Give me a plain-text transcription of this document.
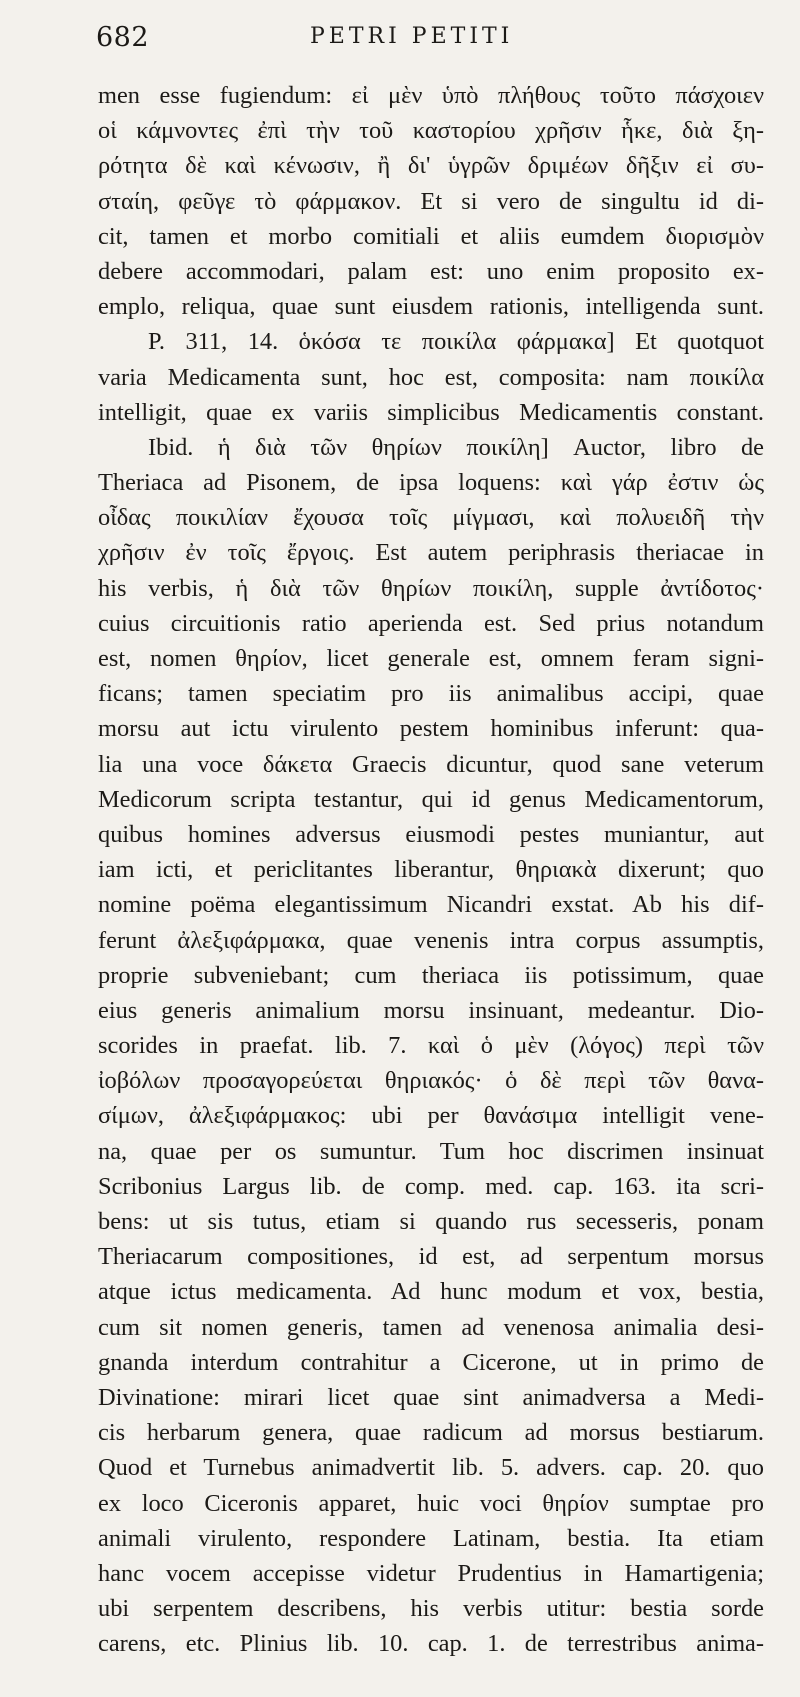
682	PETRI PETITI
men esse fugiendum: εἰ μὲν ὑπὸ πλήθους τοῦτο πάσχοιεν
οἱ κάμνοντες ἐπὶ τὴν τοῦ καστορίου χρῆσιν ἧκε, διὰ ξη-
ρότητα δὲ καὶ κένωσιν, ἢ δι' ὑγρῶν δριμέων δῆξιν εἰ συ-
σταίη, φεῦγε τὸ φάρμακον. Et si vero de singultu id di-
cit, tamen et morbo comitiali et aliis eumdem διορισμὸν
debere accommodari, palam est: uno enim proposito ex-
emplo, reliqua, quae sunt eiusdem rationis, intelligenda sunt.
P. 311, 14. ὁκόσα τε ποικίλα φάρμακα] Et quotquot
varia Medicamenta sunt, hoc est, composita: nam ποικίλα
intelligit, quae ex variis simplicibus Medicamentis constant.
Ibid. ἡ διὰ τῶν θηρίων ποικίλη] Auctor, libro de
Theriaca ad Pisonem, de ipsa loquens: καὶ γάρ ἐστιν ὡς
οἶδας ποικιλίαν ἔχουσα τοῖς μίγμασι, καὶ πολυειδῆ τὴν
χρῆσιν ἐν τοῖς ἔργοις. Est autem periphrasis theriacae in
his verbis, ἡ διὰ τῶν θηρίων ποικίλη, supple ἀντίδοτος·
cuius circuitionis ratio aperienda est. Sed prius notandum
est, nomen θηρίον, licet generale est, omnem feram signi-
ficans; tamen speciatim pro iis animalibus accipi, quae
morsu aut ictu virulento pestem hominibus inferunt: qua-
lia una voce δάκετα Graecis dicuntur, quod sane veterum
Medicorum scripta testantur, qui id genus Medicamentorum,
quibus homines adversus eiusmodi pestes muniantur, aut
iam icti, et periclitantes liberantur, θηριακὰ dixerunt; quo
nomine poëma elegantissimum Nicandri exstat. Ab his dif-
ferunt ἀλεξιφάρμακα, quae venenis intra corpus assumptis,
proprie subveniebant; cum theriaca iis potissimum, quae
eius generis animalium morsu insinuant, medeantur. Dio-
scorides in praefat. lib. 7. καὶ ὁ μὲν (λόγος) περὶ τῶν
ἰοβόλων προσαγορεύεται θηριακός· ὁ δὲ περὶ τῶν θανα-
σίμων, ἀλεξιφάρμακος: ubi per θανάσιμα intelligit vene-
na, quae per os sumuntur. Tum hoc discrimen insinuat
Scribonius Largus lib. de comp. med. cap. 163. ita scri-
bens: ut sis tutus, etiam si quando rus secesseris, ponam
Theriacarum compositiones, id est, ad serpentum morsus
atque ictus medicamenta. Ad hunc modum et vox, bestia,
cum sit nomen generis, tamen ad venenosa animalia desi-
gnanda interdum contrahitur a Cicerone, ut in primo de
Divinatione: mirari licet quae sint animadversa a Medi-
cis herbarum genera, quae radicum ad morsus bestiarum.
Quod et Turnebus animadvertit lib. 5. advers. cap. 20. quo
ex loco Ciceronis apparet, huic voci θηρίον sumptae pro
animali virulento, respondere Latinam, bestia. Ita etiam
hanc vocem accepisse videtur Prudentius in Hamartigenia;
ubi serpentem describens, his verbis utitur: bestia sorde
carens, etc. Plinius lib. 10. cap. 1. de terrestribus anima-
